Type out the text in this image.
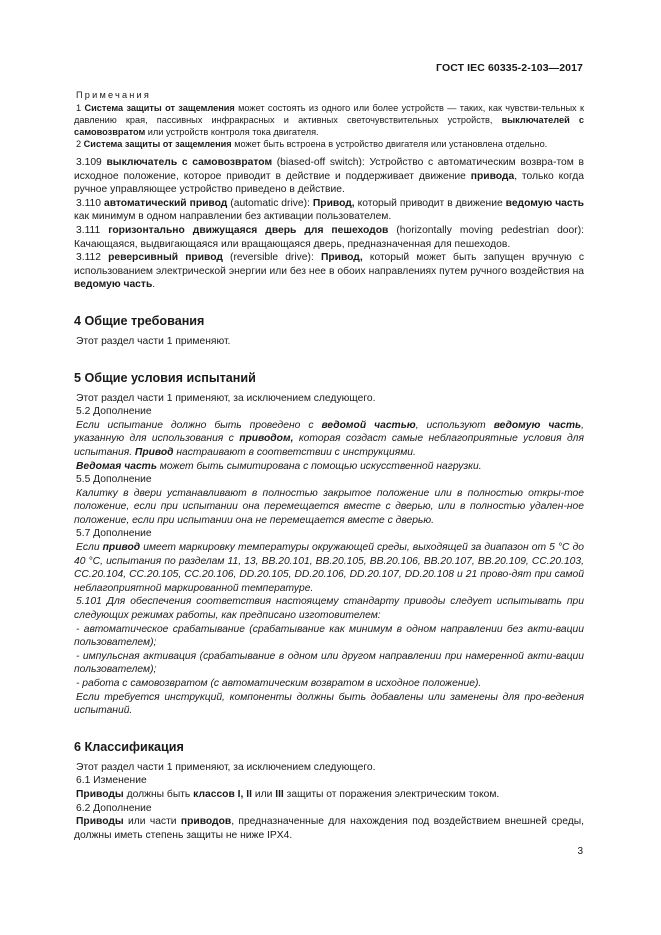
ГОСТ IEC 60335-2-103—2017

Примечания

1 Система защиты от защемления может состоять из одного или более устройств — таких, как чувстви-тельных к давлению края, пассивных инфракрасных и активных светочувствительных устройств, выключателей с самовозвратом или устройств контроля тока двигателя.

2 Система защиты от защемления может быть встроена в устройство двигателя или установлена отдельно.

3.109 выключатель с самовозвратом (biased-off switch): Устройство с автоматическим возвра-том в исходное положение, которое приводит в действие и поддерживает движение привода, только когда ручное управляющее устройство приведено в действие.

3.110 автоматический привод (automatic drive): Привод, который приводит в движение ведомую часть как минимум в одном направлении без активации пользователем.

3.111 горизонтально движущаяся дверь для пешеходов (horizontally moving pedestrian door): Качающаяся, выдвигающаяся или вращающаяся дверь, предназначенная для пешеходов.

3.112 реверсивный привод (reversible drive): Привод, который может быть запущен вручную с использованием электрической энергии или без нее в обоих направлениях путем ручного воздействия на ведомую часть.

4 Общие требования

Этот раздел части 1 применяют.

5 Общие условия испытаний

Этот раздел части 1 применяют, за исключением следующего.

5.2 Дополнение

Если испытание должно быть проведено с ведомой частью, используют ведомую часть, указанную для использования с приводом, которая создаст самые неблагоприятные условия для испытания. Привод настраивают в соответствии с инструкциями.

Ведомая часть может быть сымитирована с помощью искусственной нагрузки.

5.5 Дополнение

Калитку в двери устанавливают в полностью закрытое положение или в полностью откры-тое положение, если при испытании она перемещается вместе с дверью, или в полностью удален-ное положение, если при испытании она не перемещается вместе с дверью.

5.7 Дополнение

Если привод имеет маркировку температуры окружающей среды, выходящей за диапазон от 5 °С до 40 °С, испытания по разделам 11, 13, ВВ.20.101, ВВ.20.105, ВВ.20.106, ВВ.20.107, ВВ.20.109, СС.20.103, СС.20.104, СС.20.105, СС.20.106, DD.20.105, DD.20.106, DD.20.107, DD.20.108 и 21 прово-дят при самой неблагоприятной маркированной температуре.

5.101 Для обеспечения соответствия настоящему стандарту приводы следует испытывать при следующих режимах работы, как предписано изготовителем:

- автоматическое срабатывание (срабатывание как минимум в одном направлении без акти-вации пользователем);

- импульсная активация (срабатывание в одном или другом направлении при намеренной акти-вации пользователем);

- работа с самовозвратом (с автоматическим возвратом в исходное положение).

Если требуется инструкций, компоненты должны быть добавлены или заменены для про-ведения испытаний.

6 Классификация

Этот раздел части 1 применяют, за исключением следующего.

6.1 Изменение

Приводы должны быть классов I, II или III защиты от поражения электрическим током.

6.2 Дополнение

Приводы или части приводов, предназначенные для нахождения под воздействием внешней среды, должны иметь степень защиты не ниже IPX4.

3
